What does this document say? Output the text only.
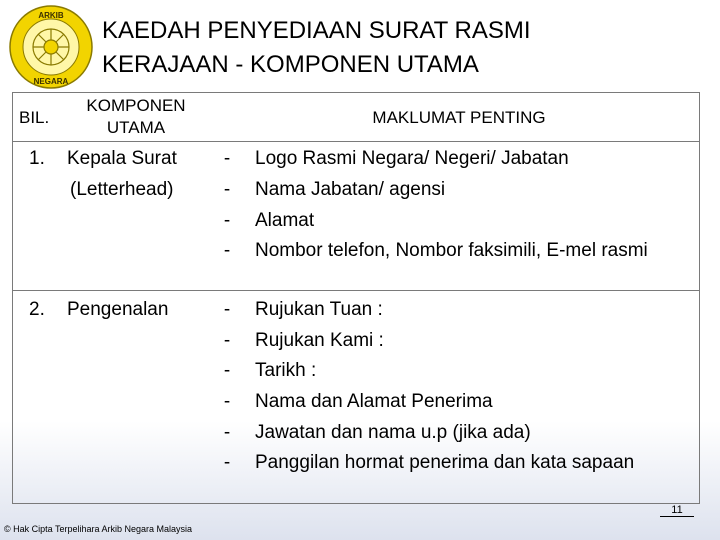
ARKIB
NEGARA
KAEDAH PENYEDIAAN SURAT RASMI
KERAJAAN - KOMPONEN UTAMA
BIL.
KOMPONEN
UTAMA
MAKLUMAT PENTING
1. Kepala Surat
(Letterhead)
- Logo Rasmi Negara/ Negeri/ Jabatan
- Nama Jabatan/ agensi
- Alamat
- Nombor telefon, Nombor faksimili, E-mel rasmi
2. Pengenalan	- Rujukan Tuan :
- Rujukan Kami :
- Tarikh :
- Nama dan Alamat Penerima
- Jawatan dan nama u.p (jika ada)
- Panggilan hormat penerima dan kata sapaan
11
© Hak Cipta Terpelihara Arkib Negara Malaysia
